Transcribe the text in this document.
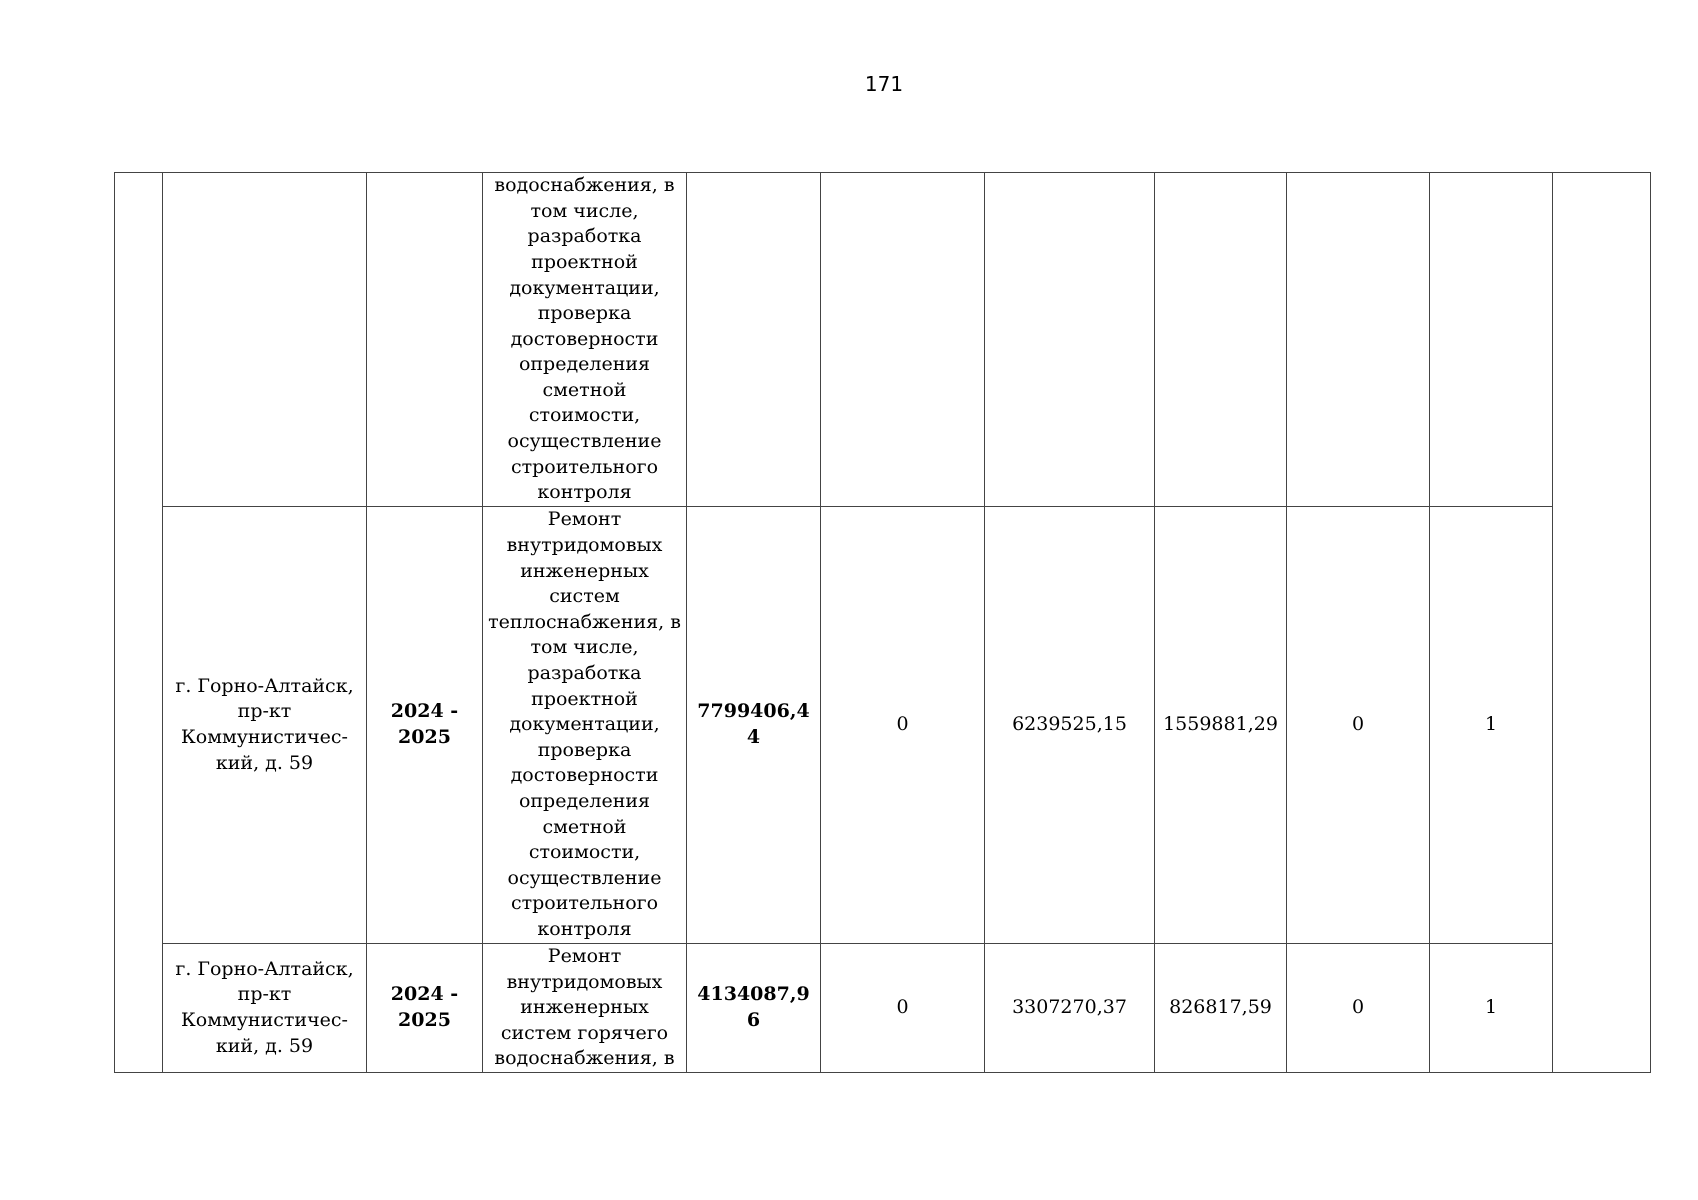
171
			водоснабжения, в том числе, разработка проектной документации, проверка достоверности определения сметной стоимости, осуществление строительного контроля							
	г. Горно-Алтайск, пр-кт Коммунистичес-кий, д. 59	2024 - 2025	Ремонт внутридомовых инженерных систем теплоснабжения, в том числе, разработка проектной документации, проверка достоверности определения сметной стоимости, осуществление строительного контроля	7799406,44	0	6239525,15	1559881,29	0	1	
	г. Горно-Алтайск, пр-кт Коммунистичес-кий, д. 59	2024 - 2025	Ремонт внутридомовых инженерных систем горячего водоснабжения, в	4134087,96	0	3307270,37	826817,59	0	1	
